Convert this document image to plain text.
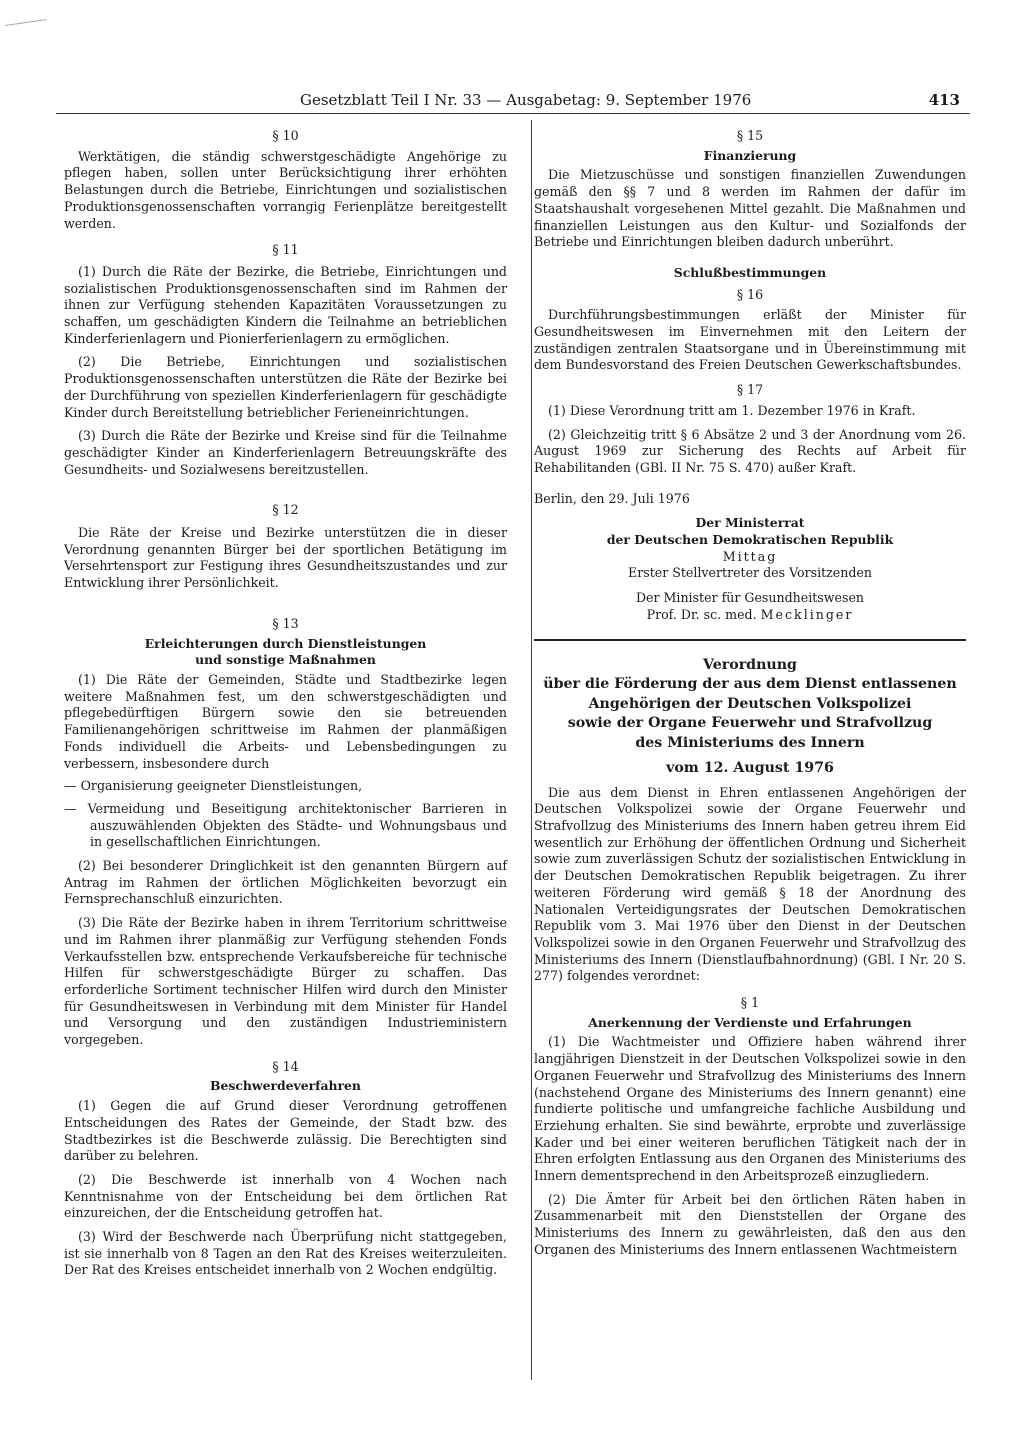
Gesetzblatt Teil I Nr. 33 — Ausgabetag: 9. September 1976	413

§ 10

Werktätigen, die ständig schwerstgeschädigte Angehörige zu pflegen haben, sollen unter Berücksichtigung ihrer erhöhten Belastungen durch die Betriebe, Einrichtungen und sozialistischen Produktionsgenossenschaften vorrangig Ferienplätze bereitgestellt werden.

§ 11

(1) Durch die Räte der Bezirke, die Betriebe, Einrichtungen und sozialistischen Produktionsgenossenschaften sind im Rahmen der ihnen zur Verfügung stehenden Kapazitäten Voraussetzungen zu schaffen, um geschädigten Kindern die Teilnahme an betrieblichen Kinderferienlagern und Pionierferienlagern zu ermöglichen.

(2) Die Betriebe, Einrichtungen und sozialistischen Produktionsgenossenschaften unterstützen die Räte der Bezirke bei der Durchführung von speziellen Kinderferienlagern für geschädigte Kinder durch Bereitstellung betrieblicher Ferieneinrichtungen.

(3) Durch die Räte der Bezirke und Kreise sind für die Teilnahme geschädigter Kinder an Kinderferienlagern Betreuungskräfte des Gesundheits- und Sozialwesens bereitzustellen.

§ 12

Die Räte der Kreise und Bezirke unterstützen die in dieser Verordnung genannten Bürger bei der sportlichen Betätigung im Versehrtensport zur Festigung ihres Gesundheitszustandes und zur Entwicklung ihrer Persönlichkeit.

§ 13

Erleichterungen durch Dienstleistungen

und sonstige Maßnahmen

(1) Die Räte der Gemeinden, Städte und Stadtbezirke legen weitere Maßnahmen fest, um den schwerstgeschädigten und pflegebedürftigen Bürgern sowie den sie betreuenden Familienangehörigen schrittweise im Rahmen der planmäßigen Fonds individuell die Arbeits- und Lebensbedingungen zu verbessern, insbesondere durch

— Organisierung geeigneter Dienstleistungen,

— Vermeidung und Beseitigung architektonischer Barrieren in auszuwählenden Objekten des Städte- und Wohnungsbaus und in gesellschaftlichen Einrichtungen.

(2) Bei besonderer Dringlichkeit ist den genannten Bürgern auf Antrag im Rahmen der örtlichen Möglichkeiten bevorzugt ein Fernsprechanschluß einzurichten.

(3) Die Räte der Bezirke haben in ihrem Territorium schrittweise und im Rahmen ihrer planmäßig zur Verfügung stehenden Fonds Verkaufsstellen bzw. entsprechende Verkaufsbereiche für technische Hilfen für schwerstgeschädigte Bürger zu schaffen. Das erforderliche Sortiment technischer Hilfen wird durch den Minister für Gesundheitswesen in Verbindung mit dem Minister für Handel und Versorgung und den zuständigen Industrieministern vorgegeben.

§ 14

Beschwerdeverfahren

(1) Gegen die auf Grund dieser Verordnung getroffenen Entscheidungen des Rates der Gemeinde, der Stadt bzw. des Stadtbezirkes ist die Beschwerde zulässig. Die Berechtigten sind darüber zu belehren.

(2) Die Beschwerde ist innerhalb von 4 Wochen nach Kenntnisnahme von der Entscheidung bei dem örtlichen Rat einzureichen, der die Entscheidung getroffen hat.

(3) Wird der Beschwerde nach Überprüfung nicht stattgegeben, ist sie innerhalb von 8 Tagen an den Rat des Kreises weiterzuleiten. Der Rat des Kreises entscheidet innerhalb von 2 Wochen endgültig.

§ 15

Finanzierung

Die Mietzuschüsse und sonstigen finanziellen Zuwendungen gemäß den §§ 7 und 8 werden im Rahmen der dafür im Staatshaushalt vorgesehenen Mittel gezahlt. Die Maßnahmen und finanziellen Leistungen aus den Kultur- und Sozialfonds der Betriebe und Einrichtungen bleiben dadurch unberührt.

Schlußbestimmungen

§ 16

Durchführungsbestimmungen erläßt der Minister für Gesundheitswesen im Einvernehmen mit den Leitern der zuständigen zentralen Staatsorgane und in Übereinstimmung mit dem Bundesvorstand des Freien Deutschen Gewerkschaftsbundes.

§ 17

(1) Diese Verordnung tritt am 1. Dezember 1976 in Kraft.

(2) Gleichzeitig tritt § 6 Absätze 2 und 3 der Anordnung vom 26. August 1969 zur Sicherung des Rechts auf Arbeit für Rehabilitanden (GBl. II Nr. 75 S. 470) außer Kraft.

Berlin, den 29. Juli 1976

Der Ministerrat

der Deutschen Demokratischen Republik

Mittag

Erster Stellvertreter des Vorsitzenden

Der Minister für Gesundheitswesen

Prof. Dr. sc. med. Mecklinger

Verordnung

über die Förderung der aus dem Dienst entlassenen

Angehörigen der Deutschen Volkspolizei

sowie der Organe Feuerwehr und Strafvollzug

des Ministeriums des Innern

vom 12. August 1976

Die aus dem Dienst in Ehren entlassenen Angehörigen der Deutschen Volkspolizei sowie der Organe Feuerwehr und Strafvollzug des Ministeriums des Innern haben getreu ihrem Eid wesentlich zur Erhöhung der öffentlichen Ordnung und Sicherheit sowie zum zuverlässigen Schutz der sozialistischen Entwicklung in der Deutschen Demokratischen Republik beigetragen. Zu ihrer weiteren Förderung wird gemäß § 18 der Anordnung des Nationalen Verteidigungsrates der Deutschen Demokratischen Republik vom 3. Mai 1976 über den Dienst in der Deutschen Volkspolizei sowie in den Organen Feuerwehr und Strafvollzug des Ministeriums des Innern (Dienstlaufbahnordnung) (GBl. I Nr. 20 S. 277) folgendes verordnet:

§ 1

Anerkennung der Verdienste und Erfahrungen

(1) Die Wachtmeister und Offiziere haben während ihrer langjährigen Dienstzeit in der Deutschen Volkspolizei sowie in den Organen Feuerwehr und Strafvollzug des Ministeriums des Innern (nachstehend Organe des Ministeriums des Innern genannt) eine fundierte politische und umfangreiche fachliche Ausbildung und Erziehung erhalten. Sie sind bewährte, erprobte und zuverlässige Kader und bei einer weiteren beruflichen Tätigkeit nach der in Ehren erfolgten Entlassung aus den Organen des Ministeriums des Innern dementsprechend in den Arbeitsprozeß einzugliedern.

(2) Die Ämter für Arbeit bei den örtlichen Räten haben in Zusammenarbeit mit den Dienststellen der Organe des Ministeriums des Innern zu gewährleisten, daß den aus den Organen des Ministeriums des Innern entlassenen Wachtmeistern
